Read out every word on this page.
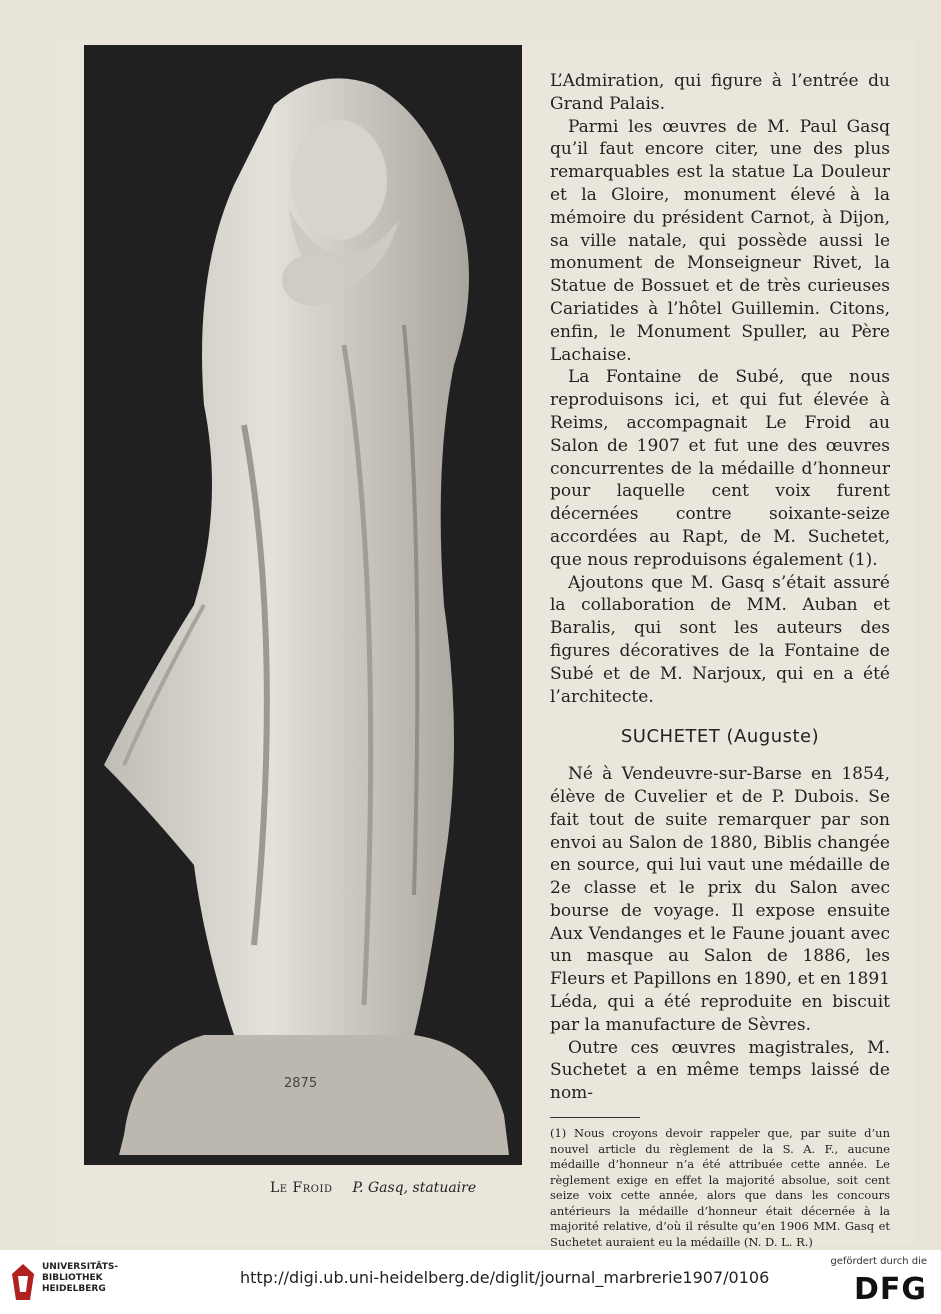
2875
Le Froid P. Gasq, statuaire

L’Admiration, qui figure à l’entrée du Grand Palais.

Parmi les œuvres de M. Paul Gasq qu’il faut encore citer, une des plus remarquables est la statue La Douleur et la Gloire, monument élevé à la mémoire du président Carnot, à Dijon, sa ville natale, qui possède aussi le monument de Monseigneur Rivet, la Statue de Bossuet et de très curieuses Cariatides à l’hôtel Guillemin. Citons, enfin, le Monument Spuller, au Père Lachaise.

La Fontaine de Subé, que nous reproduisons ici, et qui fut élevée à Reims, accompagnait Le Froid au Salon de 1907 et fut une des œuvres concurrentes de la médaille d’honneur pour laquelle cent voix furent décernées contre soixante-seize accordées au Rapt, de M. Suchetet, que nous reproduisons également (1).

Ajoutons que M. Gasq s’était assuré la collaboration de MM. Auban et Baralis, qui sont les auteurs des figures décoratives de la Fontaine de Subé et de M. Narjoux, qui en a été l’architecte.

SUCHETET (Auguste)

Né à Vendeuvre-sur-Barse en 1854, élève de Cuvelier et de P. Dubois. Se fait tout de suite remarquer par son envoi au Salon de 1880, Biblis changée en source, qui lui vaut une médaille de 2e classe et le prix du Salon avec bourse de voyage. Il expose ensuite Aux Vendanges et le Faune jouant avec un masque au Salon de 1886, les Fleurs et Papillons en 1890, et en 1891 Léda, qui a été reproduite en biscuit par la manufacture de Sèvres.

Outre ces œuvres magistrales, M. Suchetet a en même temps laissé de nom-

(1) Nous croyons devoir rappeler que, par suite d’un nouvel article du règlement de la S. A. F., aucune médaille d’honneur n’a été attribuée cette année. Le règlement exige en effet la majorité absolue, soit cent seize voix cette année, alors que dans les concours antérieurs la médaille d’honneur était décernée à la majorité relative, d’où il résulte qu’en 1906 MM. Gasq et Suchetet auraient eu la médaille (N. D. L. R.)

UNIVERSITÄTS-
BIBLIOTHEK
HEIDELBERG
http://digi.ub.uni-heidelberg.de/diglit/journal_marbrerie1907/0106
gefördert durch die
DFG
